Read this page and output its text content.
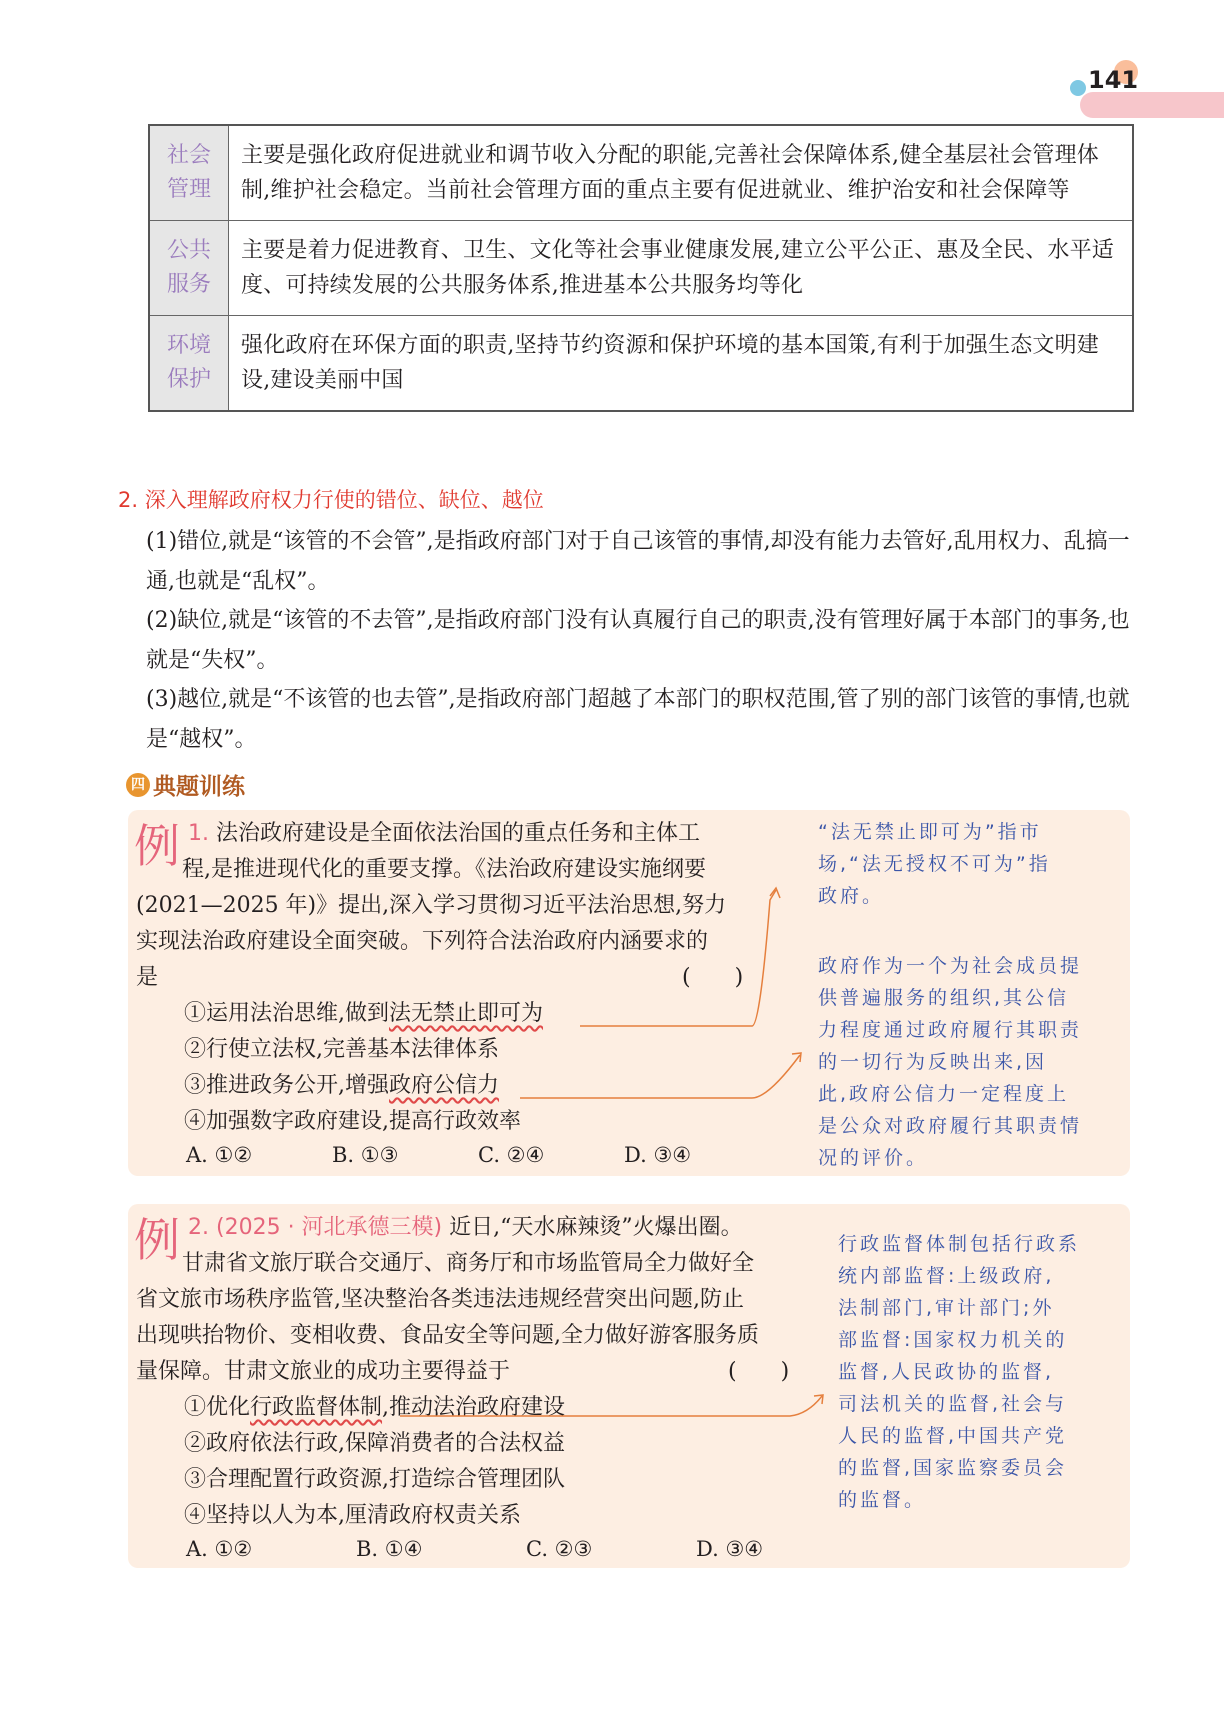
141
社会
管理	主要是强化政府促进就业和调节收入分配的职能,完善社会保障体系,健全基层社会管理体制,维护社会稳定。当前社会管理方面的重点主要有促进就业、维护治安和社会保障等

公共
服务	主要是着力促进教育、卫生、文化等社会事业健康发展,建立公平公正、惠及全民、水平适度、可持续发展的公共服务体系,推进基本公共服务均等化

环境
保护	强化政府在环保方面的职责,坚持节约资源和保护环境的基本国策,有利于加强生态文明建设,建设美丽中国
2. 深入理解政府权力行使的错位、缺位、越位
(1)错位,就是“该管的不会管”,是指政府部门对于自己该管的事情,却没有能力去管好,乱用权力、乱搞一通,也就是“乱权”。
(2)缺位,就是“该管的不去管”,是指政府部门没有认真履行自己的职责,没有管理好属于本部门的事务,也就是“失权”。
(3)越位,就是“不该管的也去管”,是指政府部门超越了本部门的职权范围,管了别的部门该管的事情,也就是“越权”。
四 典题训练
例 1. 法治政府建设是全面依法治国的重点任务和主体工
程,是推进现代化的重要支撑。《法治政府建设实施纲要
(2021—2025 年)》提出,深入学习贯彻习近平法治思想,努力
实现法治政府建设全面突破。下列符合法治政府内涵要求的
是	(　　)
①运用法治思维,做到法无禁止即可为
②行使立法权,完善基本法律体系
③推进政务公开,增强政府公信力
④加强数字政府建设,提高行政效率
A. ①②	B. ①③	C. ②④	D. ③④
“法无禁止即可为”指市
场,“法无授权不可为”指
政府。
政府作为一个为社会成员提
供普遍服务的组织,其公信
力程度通过政府履行其职责
的一切行为反映出来,因
此,政府公信力一定程度上
是公众对政府履行其职责情
况的评价。
例 2. (2025 · 河北承德三模) 近日,“天水麻辣烫”火爆出圈。
甘肃省文旅厅联合交通厅、商务厅和市场监管局全力做好全
省文旅市场秩序监管,坚决整治各类违法违规经营突出问题,防止
出现哄抬物价、变相收费、食品安全等问题,全力做好游客服务质
量保障。甘肃文旅业的成功主要得益于	(　　)
①优化行政监督体制,推动法治政府建设
②政府依法行政,保障消费者的合法权益
③合理配置行政资源,打造综合管理团队
④坚持以人为本,厘清政府权责关系
A. ①②	B. ①④	C. ②③	D. ③④
行政监督体制包括行政系
统内部监督:上级政府,
法制部门,审计部门;外
部监督:国家权力机关的
监督,人民政协的监督,
司法机关的监督,社会与
人民的监督,中国共产党
的监督,国家监察委员会
的监督。
